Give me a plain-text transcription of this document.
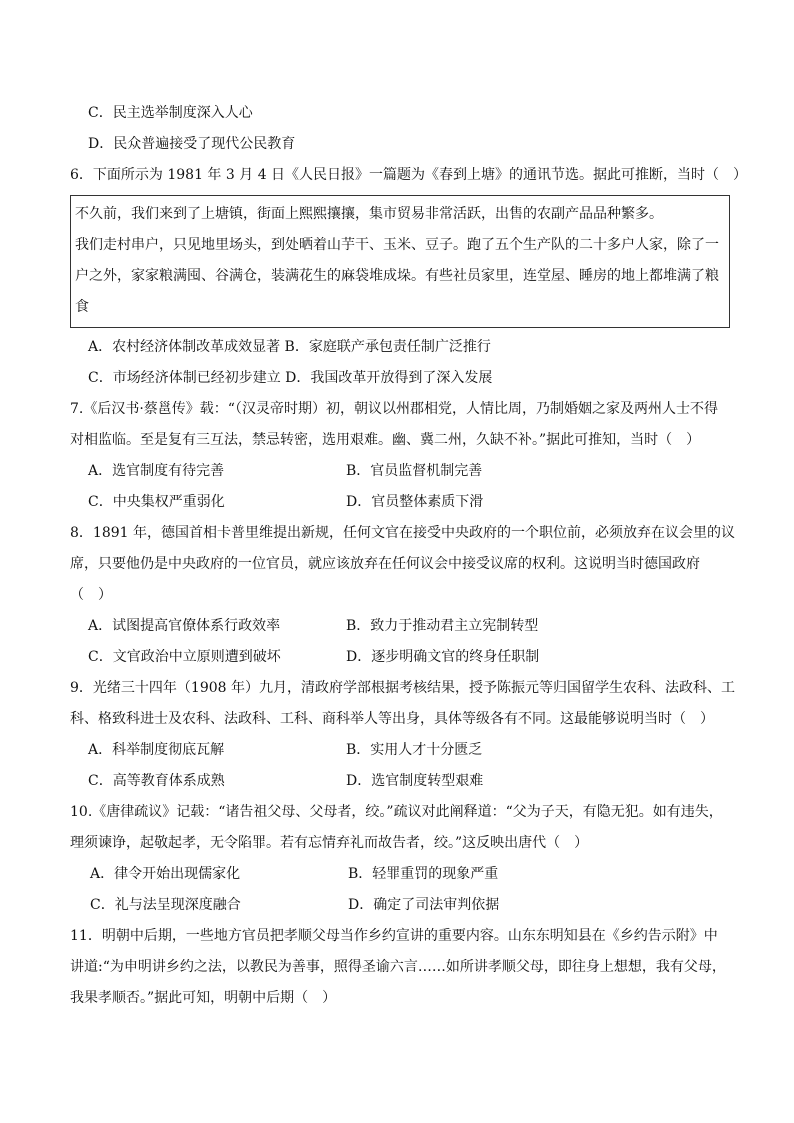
C．民主选举制度深入人心
D．民众普遍接受了现代公民教育
6．下面所示为 1981 年 3 月 4 日《人民日报》一篇题为《春到上塘》的通讯节选。据此可推断，当时（　）
不久前，我们来到了上塘镇，街面上熙熙攘攘，集市贸易非常活跃，出售的农副产品品种繁多。
我们走村串户，只见地里场头，到处晒着山芋干、玉米、豆子。跑了五个生产队的二十多户人家，除了一
户之外，家家粮满囤、谷满仓，装满花生的麻袋堆成垛。有些社员家里，连堂屋、睡房的地上都堆满了粮
食
A．农村经济体制改革成效显著 B．家庭联产承包责任制广泛推行
C．市场经济体制已经初步建立 D．我国改革开放得到了深入发展
7.《后汉书·蔡邕传》载：“（汉灵帝时期）初，朝议以州郡相党，人情比周，乃制婚姻之家及两州人士不得
对相监临。至是复有三互法，禁忌转密，选用艰难。幽、冀二州，久缺不补。”据此可推知，当时（　）
A．选官制度有待完善	B．官员监督机制完善
C．中央集权严重弱化	D．官员整体素质下滑
8．1891 年，德国首相卡普里维提出新规，任何文官在接受中央政府的一个职位前，必须放弃在议会里的议
席，只要他仍是中央政府的一位官员，就应该放弃在任何议会中接受议席的权利。这说明当时德国政府
（　）
A．试图提高官僚体系行政效率	B．致力于推动君主立宪制转型
C．文官政治中立原则遭到破坏	D．逐步明确文官的终身任职制
9．光绪三十四年（1908 年）九月，清政府学部根据考核结果，授予陈振元等归国留学生农科、法政科、工
科、格致科进士及农科、法政科、工科、商科举人等出身，具体等级各有不同。这最能够说明当时（　）
A．科举制度彻底瓦解	B．实用人才十分匮乏
C．高等教育体系成熟	D．选官制度转型艰难
10.《唐律疏议》记载：“诸告祖父母、父母者，绞。”疏议对此阐释道：“父为子天，有隐无犯。如有违失，
理须谏诤，起敬起孝，无令陷罪。若有忘情弃礼而故告者，绞。”这反映出唐代（　）
A．律令开始出现儒家化	B．轻罪重罚的现象严重
C．礼与法呈现深度融合	D．确定了司法审判依据
11．明朝中后期，一些地方官员把孝顺父母当作乡约宣讲的重要内容。山东东明知县在《乡约告示附》中
讲道:“为申明讲乡约之法，以教民为善事，照得圣谕六言……如所讲孝顺父母，即往身上想想，我有父母，
我果孝顺否。”据此可知，明朝中后期（　）
